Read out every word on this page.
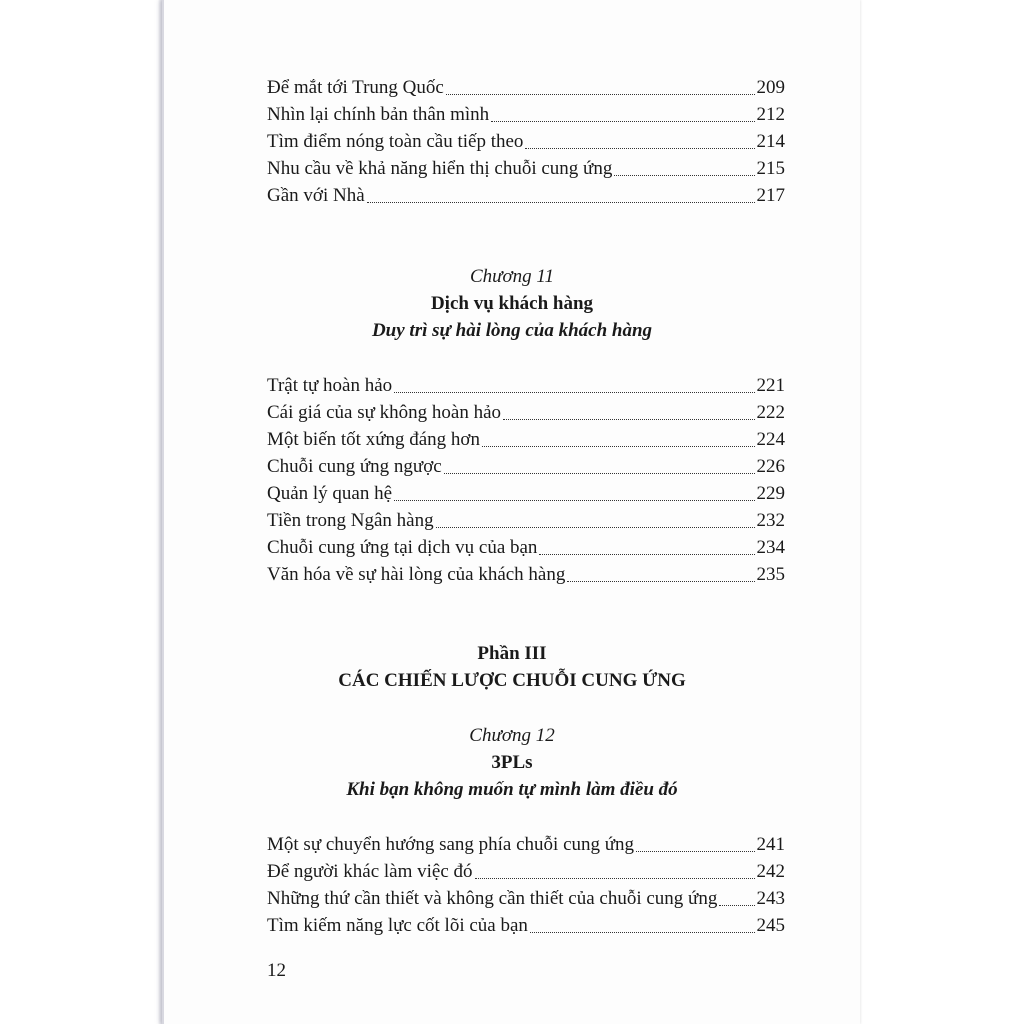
Để mắt tới Trung Quốc	209
Nhìn lại chính bản thân mình	212
Tìm điểm nóng toàn cầu tiếp theo	214
Nhu cầu về khả năng hiển thị chuỗi cung ứng	215
Gần với Nhà	217
Chương 11
Dịch vụ khách hàng
Duy trì sự hài lòng của khách hàng
Trật tự hoàn hảo	221
Cái giá của sự không hoàn hảo	222
Một biến tốt xứng đáng hơn	224
Chuỗi cung ứng ngược	226
Quản lý quan hệ	229
Tiền trong Ngân hàng	232
Chuỗi cung ứng tại dịch vụ của bạn	234
Văn hóa về sự hài lòng của khách hàng	235
Phần III
CÁC CHIẾN LƯỢC CHUỖI CUNG ỨNG
Chương 12
3PLs
Khi bạn không muốn tự mình làm điều đó
Một sự chuyển hướng sang phía chuỗi cung ứng	241
Để người khác làm việc đó	242
Những thứ cần thiết và không cần thiết của chuỗi cung ứng 243
Tìm kiếm năng lực cốt lõi của bạn	245
12
